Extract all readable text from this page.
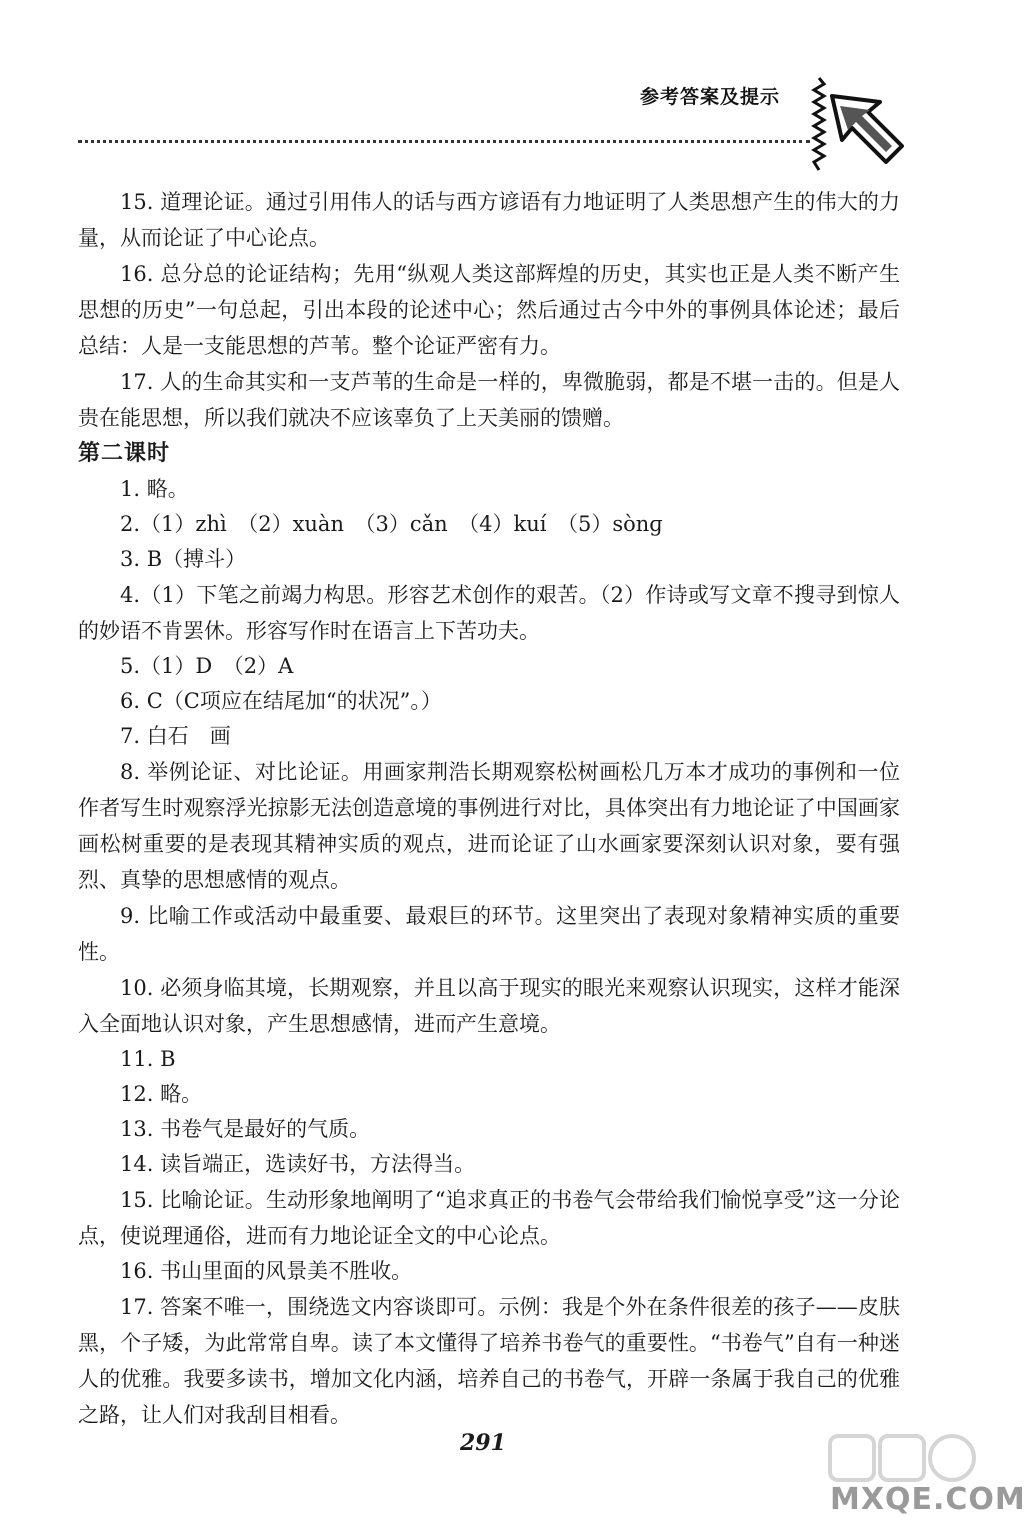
参考答案及提示

15. 道理论证。通过引用伟人的话与西方谚语有力地证明了人类思想产生的伟大的力量，从而论证了中心论点。

16. 总分总的论证结构；先用“纵观人类这部辉煌的历史，其实也正是人类不断产生思想的历史”一句总起，引出本段的论述中心；然后通过古今中外的事例具体论述；最后总结：人是一支能思想的芦苇。整个论证严密有力。

17. 人的生命其实和一支芦苇的生命是一样的，卑微脆弱，都是不堪一击的。但是人贵在能思想，所以我们就决不应该辜负了上天美丽的馈赠。

第二课时

1. 略。

2.（1）zhì　（2）xuàn　（3）cǎn　（4）kuí　（5）sònɡ

3. B（搏斗）

4.（1）下笔之前竭力构思。形容艺术创作的艰苦。（2）作诗或写文章不搜寻到惊人的妙语不肯罢休。形容写作时在语言上下苦功夫。

5.（1）D　（2）A

6. C（C项应在结尾加“的状况”。）

7. 白石　画

8. 举例论证、对比论证。用画家荆浩长期观察松树画松几万本才成功的事例和一位作者写生时观察浮光掠影无法创造意境的事例进行对比，具体突出有力地论证了中国画家画松树重要的是表现其精神实质的观点，进而论证了山水画家要深刻认识对象，要有强烈、真挚的思想感情的观点。

9. 比喻工作或活动中最重要、最艰巨的环节。这里突出了表现对象精神实质的重要性。

10. 必须身临其境，长期观察，并且以高于现实的眼光来观察认识现实，这样才能深入全面地认识对象，产生思想感情，进而产生意境。

11. B

12. 略。

13. 书卷气是最好的气质。

14. 读旨端正，选读好书，方法得当。

15. 比喻论证。生动形象地阐明了“追求真正的书卷气会带给我们愉悦享受”这一分论点，使说理通俗，进而有力地论证全文的中心论点。

16. 书山里面的风景美不胜收。

17. 答案不唯一，围绕选文内容谈即可。示例：我是个外在条件很差的孩子——皮肤黑，个子矮，为此常常自卑。读了本文懂得了培养书卷气的重要性。“书卷气”自有一种迷人的优雅。我要多读书，增加文化内涵，培养自己的书卷气，开辟一条属于我自己的优雅之路，让人们对我刮目相看。

291
MXQE.COM
